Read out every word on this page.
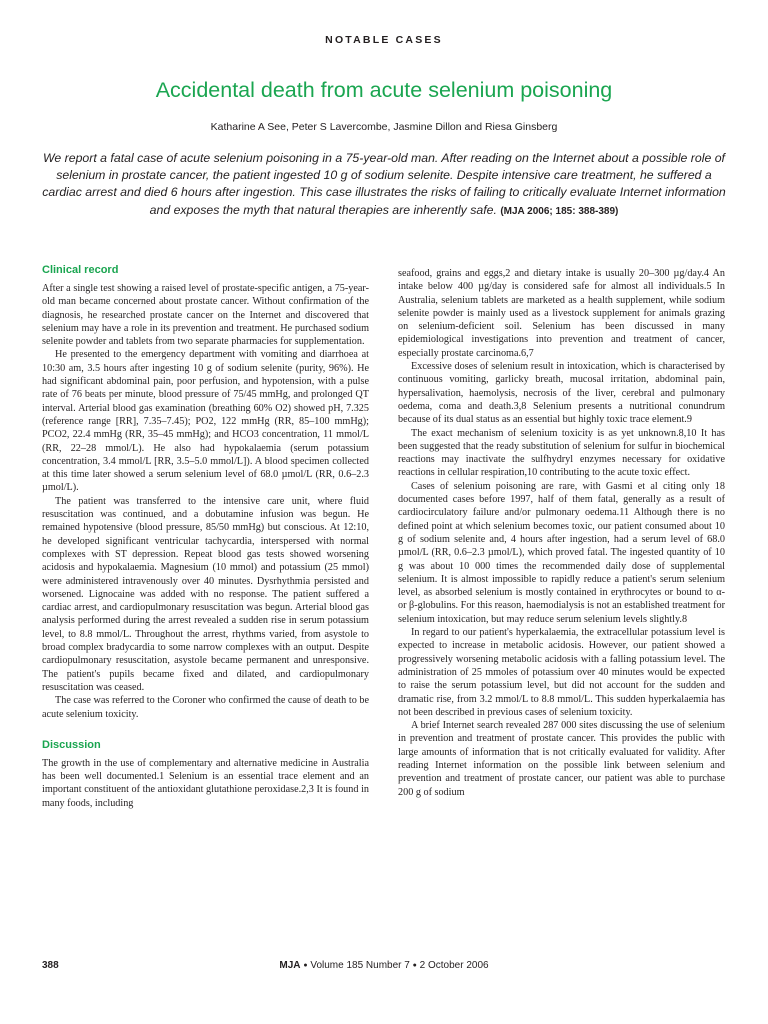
NOTABLE CASES
Accidental death from acute selenium poisoning
Katharine A See, Peter S Lavercombe, Jasmine Dillon and Riesa Ginsberg
We report a fatal case of acute selenium poisoning in a 75-year-old man. After reading on the Internet about a possible role of selenium in prostate cancer, the patient ingested 10 g of sodium selenite. Despite intensive care treatment, he suffered a cardiac arrest and died 6 hours after ingestion. This case illustrates the risks of failing to critically evaluate Internet information and exposes the myth that natural therapies are inherently safe. (MJA 2006; 185: 388-389)
Clinical record

After a single test showing a raised level of prostate-specific antigen, a 75-year-old man became concerned about prostate cancer. Without confirmation of the diagnosis, he researched prostate cancer on the Internet and discovered that selenium may have a role in its prevention and treatment. He purchased sodium selenite powder and tablets from two separate pharmacies for supplementation.

He presented to the emergency department with vomiting and diarrhoea at 10:30 am, 3.5 hours after ingesting 10 g of sodium selenite (purity, 96%). He had significant abdominal pain, poor perfusion, and hypotension, with a pulse rate of 76 beats per minute, blood pressure of 75/45 mmHg, and prolonged QT interval. Arterial blood gas examination (breathing 60% O2) showed pH, 7.325 (reference range [RR], 7.35–7.45); PO2, 122 mmHg (RR, 85–100 mmHg); PCO2, 22.4 mmHg (RR, 35–45 mmHg); and HCO3 concentration, 11 mmol/L (RR, 22–28 mmol/L). He also had hypokalaemia (serum potassium concentration, 3.4 mmol/L [RR, 3.5–5.0 mmol/L]). A blood specimen collected at this time later showed a serum selenium level of 68.0 µmol/L (RR, 0.6–2.3 µmol/L).

The patient was transferred to the intensive care unit, where fluid resuscitation was continued, and a dobutamine infusion was begun. He remained hypotensive (blood pressure, 85/50 mmHg) but conscious. At 12:10, he developed significant ventricular tachycardia, interspersed with normal complexes with ST depression. Repeat blood gas tests showed worsening acidosis and hypokalaemia. Magnesium (10 mmol) and potassium (25 mmol) were administered intravenously over 40 minutes. Dysrhythmia persisted and worsened. Lignocaine was added with no response. The patient suffered a cardiac arrest, and cardiopulmonary resuscitation was begun. Arterial blood gas analysis performed during the arrest revealed a sudden rise in serum potassium level, to 8.8 mmol/L. Throughout the arrest, rhythms varied, from asystole to broad complex bradycardia to some narrow complexes with an output. Despite cardiopulmonary resuscitation, asystole became permanent and unresponsive. The patient's pupils became fixed and dilated, and cardiopulmonary resuscitation was ceased.

The case was referred to the Coroner who confirmed the cause of death to be acute selenium toxicity.

Discussion

The growth in the use of complementary and alternative medicine in Australia has been well documented.1 Selenium is an essential trace element and an important constituent of the antioxidant glutathione peroxidase.2,3 It is found in many foods, including

seafood, grains and eggs,2 and dietary intake is usually 20–300 µg/day.4 An intake below 400 µg/day is considered safe for almost all individuals.5 In Australia, selenium tablets are marketed as a health supplement, while sodium selenite powder is mainly used as a livestock supplement for animals grazing on selenium-deficient soil. Selenium has been discussed in many epidemiological investigations into prevention and treatment of cancer, especially prostate carcinoma.6,7

Excessive doses of selenium result in intoxication, which is characterised by continuous vomiting, garlicky breath, mucosal irritation, abdominal pain, hypersalivation, haemolysis, necrosis of the liver, cerebral and pulmonary oedema, coma and death.3,8 Selenium presents a nutritional conundrum because of its dual status as an essential but highly toxic trace element.9

The exact mechanism of selenium toxicity is as yet unknown.8,10 It has been suggested that the ready substitution of selenium for sulfur in biochemical reactions may inactivate the sulfhydryl enzymes necessary for oxidative reactions in cellular respiration,10 contributing to the acute toxic effect.

Cases of selenium poisoning are rare, with Gasmi et al citing only 18 documented cases before 1997, half of them fatal, generally as a result of cardiocirculatory failure and/or pulmonary oedema.11 Although there is no defined point at which selenium becomes toxic, our patient consumed about 10 g of sodium selenite and, 4 hours after ingestion, had a serum level of 68.0 µmol/L (RR, 0.6–2.3 µmol/L), which proved fatal. The ingested quantity of 10 g was about 10 000 times the recommended daily dose of supplemental selenium. It is almost impossible to rapidly reduce a patient's serum selenium level, as absorbed selenium is mostly contained in erythrocytes or bound to α- or β-globulins. For this reason, haemodialysis is not an established treatment for selenium intoxication, but may reduce serum selenium levels slightly.8

In regard to our patient's hyperkalaemia, the extracellular potassium level is expected to increase in metabolic acidosis. However, our patient showed a progressively worsening metabolic acidosis with a falling potassium level. The administration of 25 mmoles of potassium over 40 minutes would be expected to raise the serum potassium level, but did not account for the sudden and dramatic rise, from 3.2 mmol/L to 8.8 mmol/L. This sudden hyperkalaemia has not been described in previous cases of selenium toxicity.

A brief Internet search revealed 287 000 sites discussing the use of selenium in prevention and treatment of prostate cancer. This provides the public with large amounts of information that is not critically evaluated for validity. After reading Internet information on the possible link between selenium and prevention and treatment of prostate cancer, our patient was able to purchase 200 g of sodium

388	MJA ● Volume 185 Number 7 ● 2 October 2006
